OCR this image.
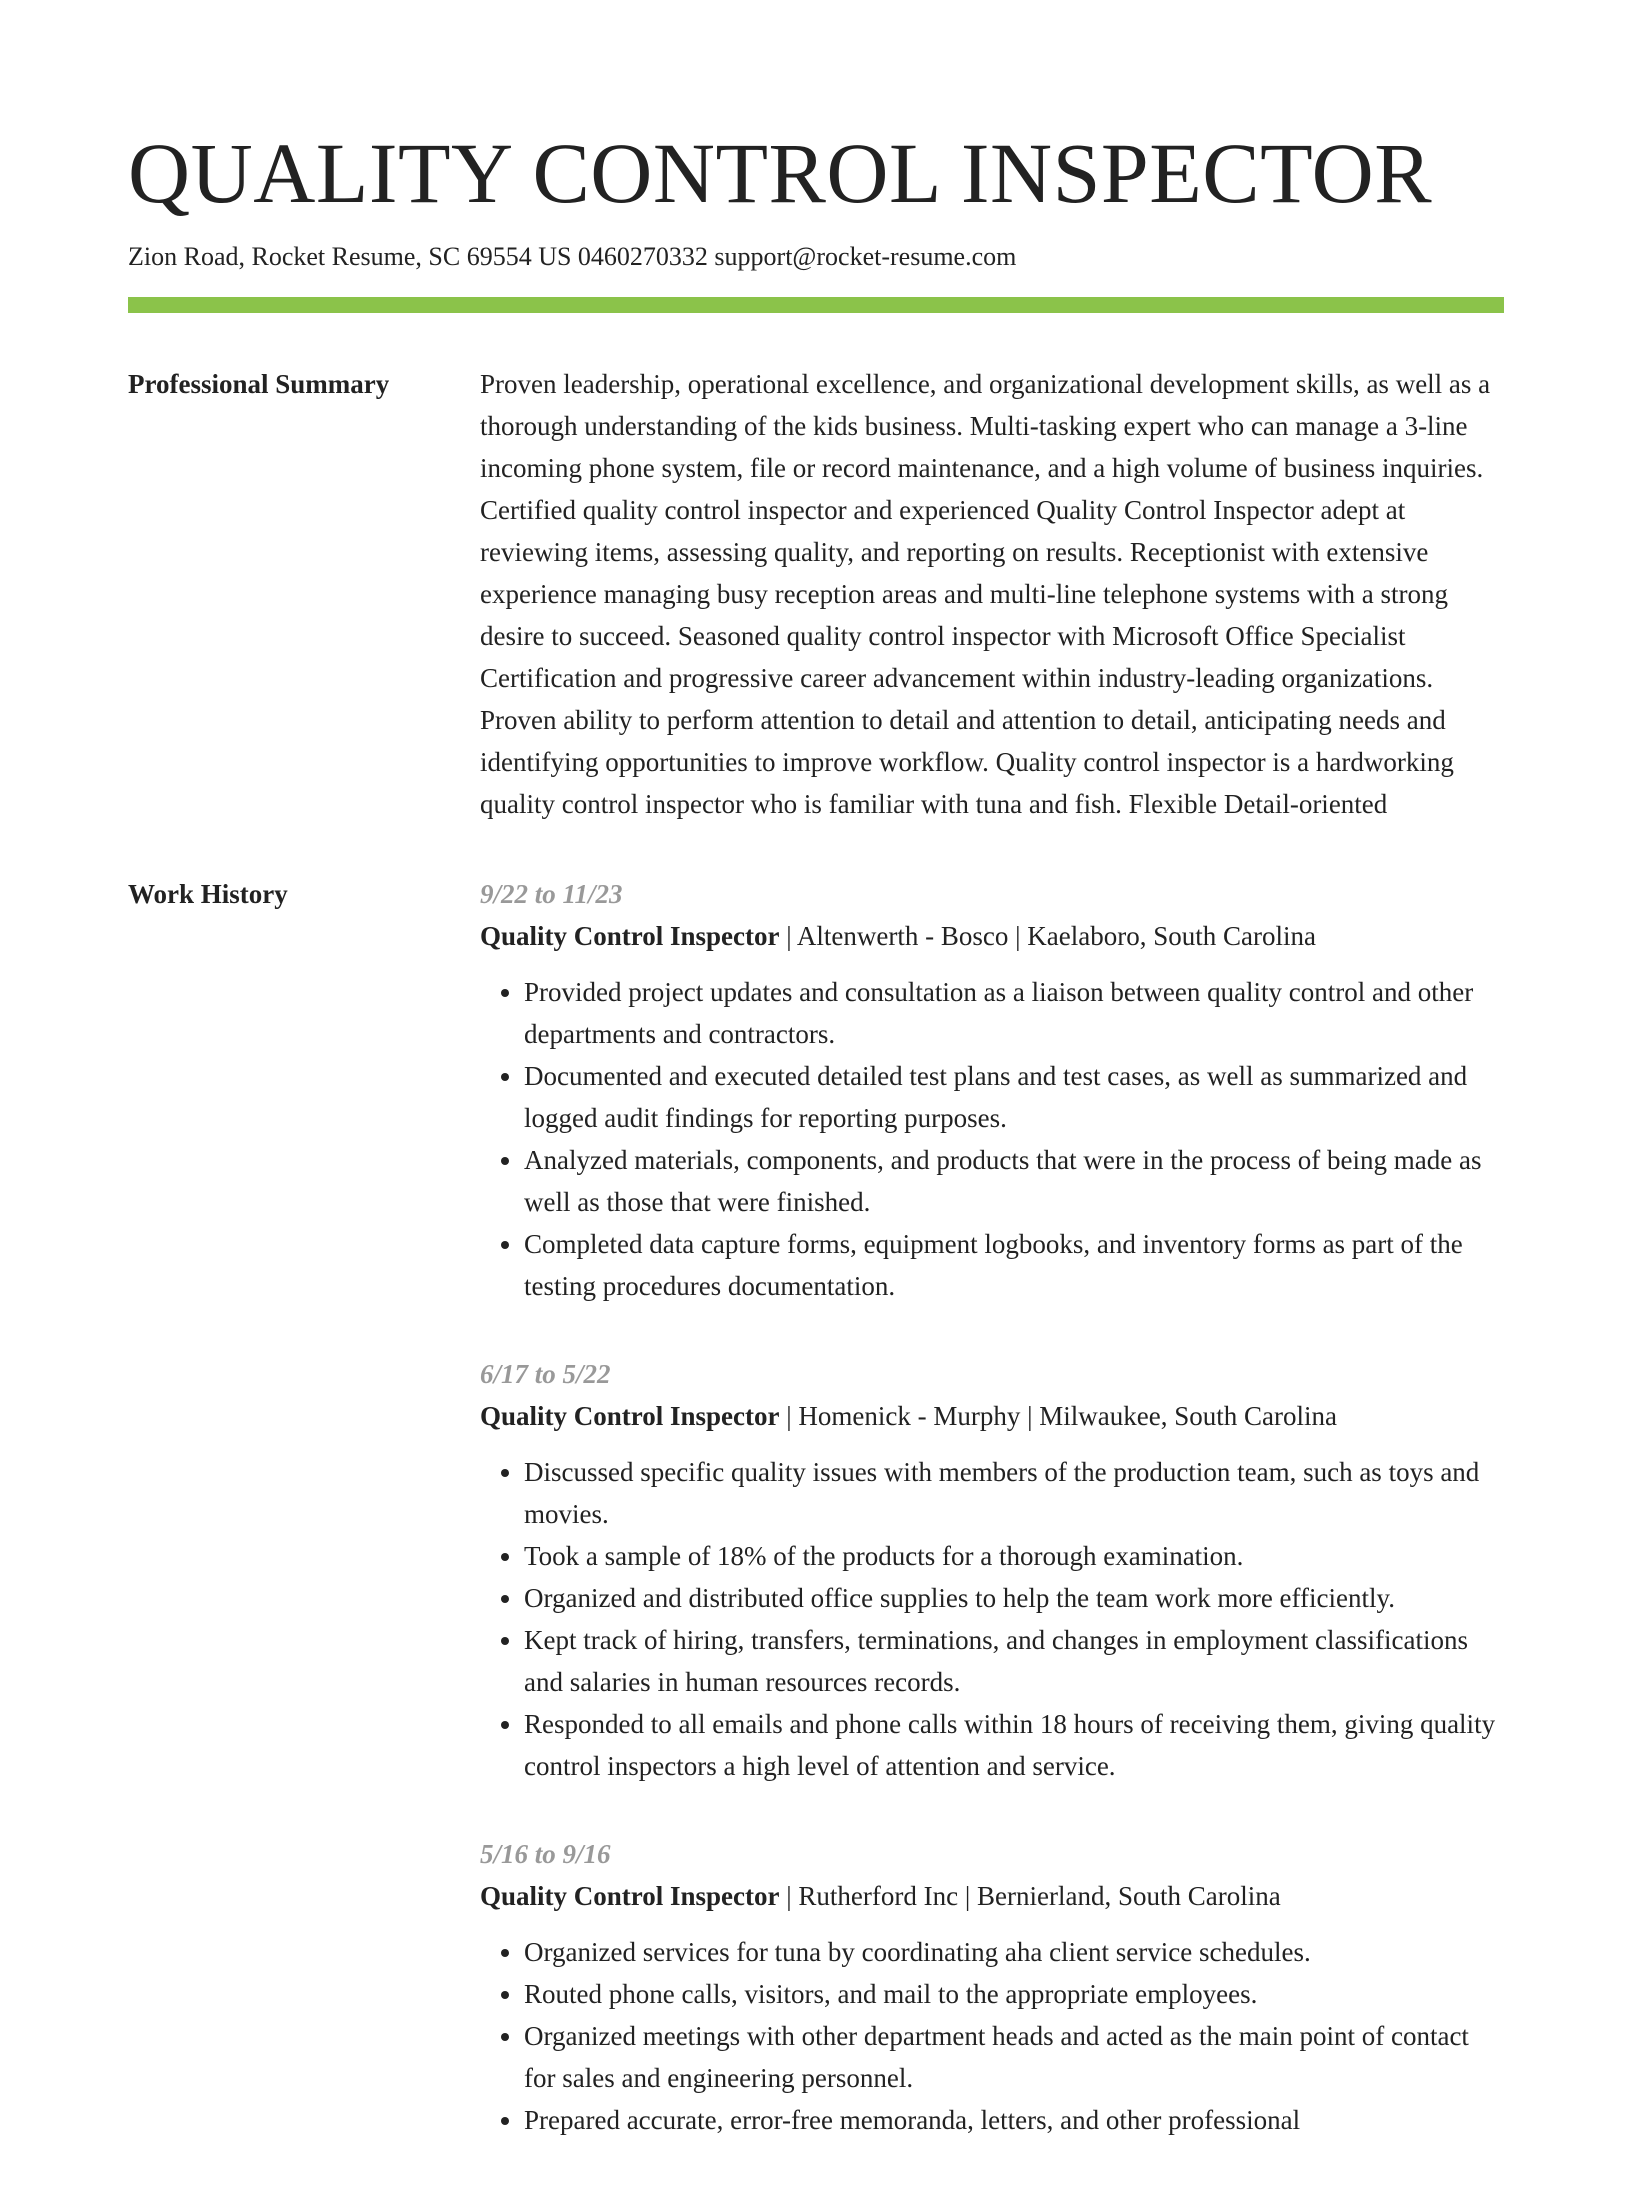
QUALITY CONTROL INSPECTOR
Zion Road, Rocket Resume, SC 69554 US 0460270332 support@rocket-resume.com
Professional Summary	Proven leadership, operational excellence, and organizational development skills, as well as a thorough understanding of the kids business. Multi-tasking expert who can manage a 3-line incoming phone system, file or record maintenance, and a high volume of business inquiries. Certified quality control inspector and experienced Quality Control Inspector adept at reviewing items, assessing quality, and reporting on results. Receptionist with extensive experience managing busy reception areas and multi-line telephone systems with a strong desire to succeed. Seasoned quality control inspector with Microsoft Office Specialist Certification and progressive career advancement within industry-leading organizations. Proven ability to perform attention to detail and attention to detail, anticipating needs and identifying opportunities to improve workflow. Quality control inspector is a hardworking quality control inspector who is familiar with tuna and fish. Flexible Detail-oriented

Work History	9/22 to 11/23
Quality Control Inspector | Altenwerth - Bosco | Kaelaboro, South Carolina
• Provided project updates and consultation as a liaison between quality control and other departments and contractors.
• Documented and executed detailed test plans and test cases, as well as summarized and logged audit findings for reporting purposes.
• Analyzed materials, components, and products that were in the process of being made as well as those that were finished.
• Completed data capture forms, equipment logbooks, and inventory forms as part of the testing procedures documentation.
6/17 to 5/22
Quality Control Inspector | Homenick - Murphy | Milwaukee, South Carolina
• Discussed specific quality issues with members of the production team, such as toys and movies.
• Took a sample of 18% of the products for a thorough examination.
• Organized and distributed office supplies to help the team work more efficiently.
• Kept track of hiring, transfers, terminations, and changes in employment classifications and salaries in human resources records.
• Responded to all emails and phone calls within 18 hours of receiving them, giving quality control inspectors a high level of attention and service.
5/16 to 9/16
Quality Control Inspector | Rutherford Inc | Bernierland, South Carolina
• Organized services for tuna by coordinating aha client service schedules.
• Routed phone calls, visitors, and mail to the appropriate employees.
• Organized meetings with other department heads and acted as the main point of contact for sales and engineering personnel.
• Prepared accurate, error-free memoranda, letters, and other professional
